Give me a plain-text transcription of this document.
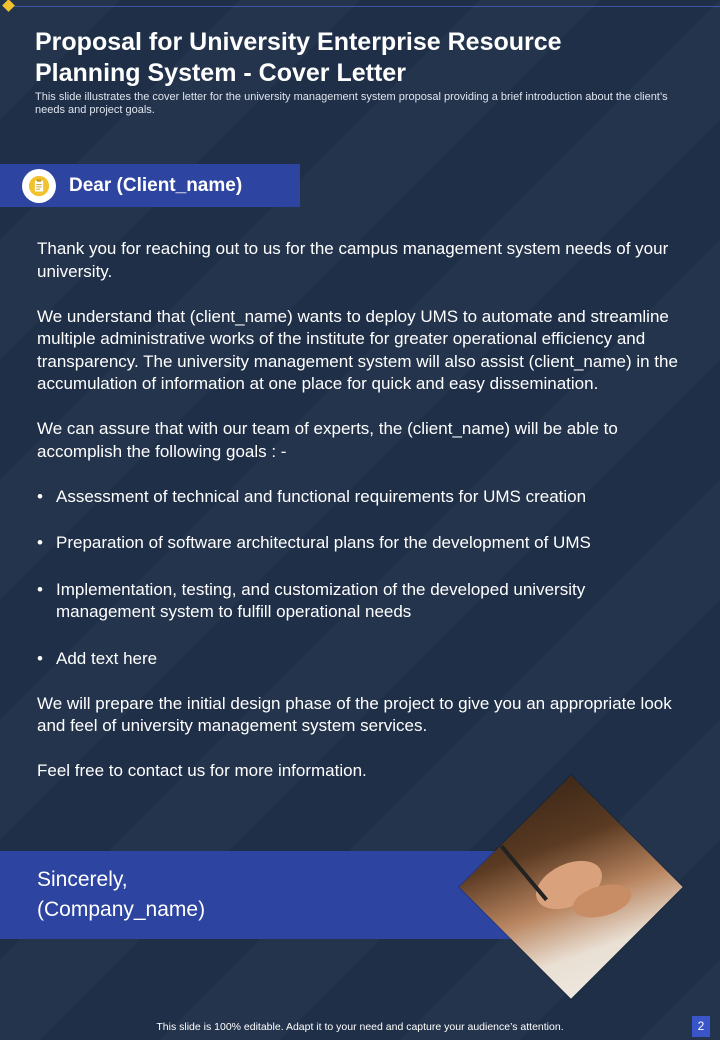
Proposal for University Enterprise Resource Planning System - Cover Letter

This slide illustrates the cover letter for the university management system proposal providing a brief introduction about the client’s needs and project goals.

Dear (Client_name)

Thank you for reaching out to us for the campus management system needs of your university.

We understand that (client_name) wants to deploy UMS to automate and streamline multiple administrative works of the institute for greater operational efficiency and transparency. The university management system will also assist (client_name) in the accumulation of information at one place for quick and easy dissemination.

We can assure that with our team of experts, the (client_name) will be able to accomplish the following goals : -

• Assessment of technical and functional requirements for UMS creation
• Preparation of software architectural plans for the development of UMS
• Implementation, testing, and customization of the developed university management system to fulfill operational needs
• Add text here

We will prepare the initial design phase of the project to give you an appropriate look and feel of university management system services.

Feel free to contact us for more information.

Sincerely,
(Company_name)
This slide is 100% editable. Adapt it to your need and capture your audience’s attention.	2
